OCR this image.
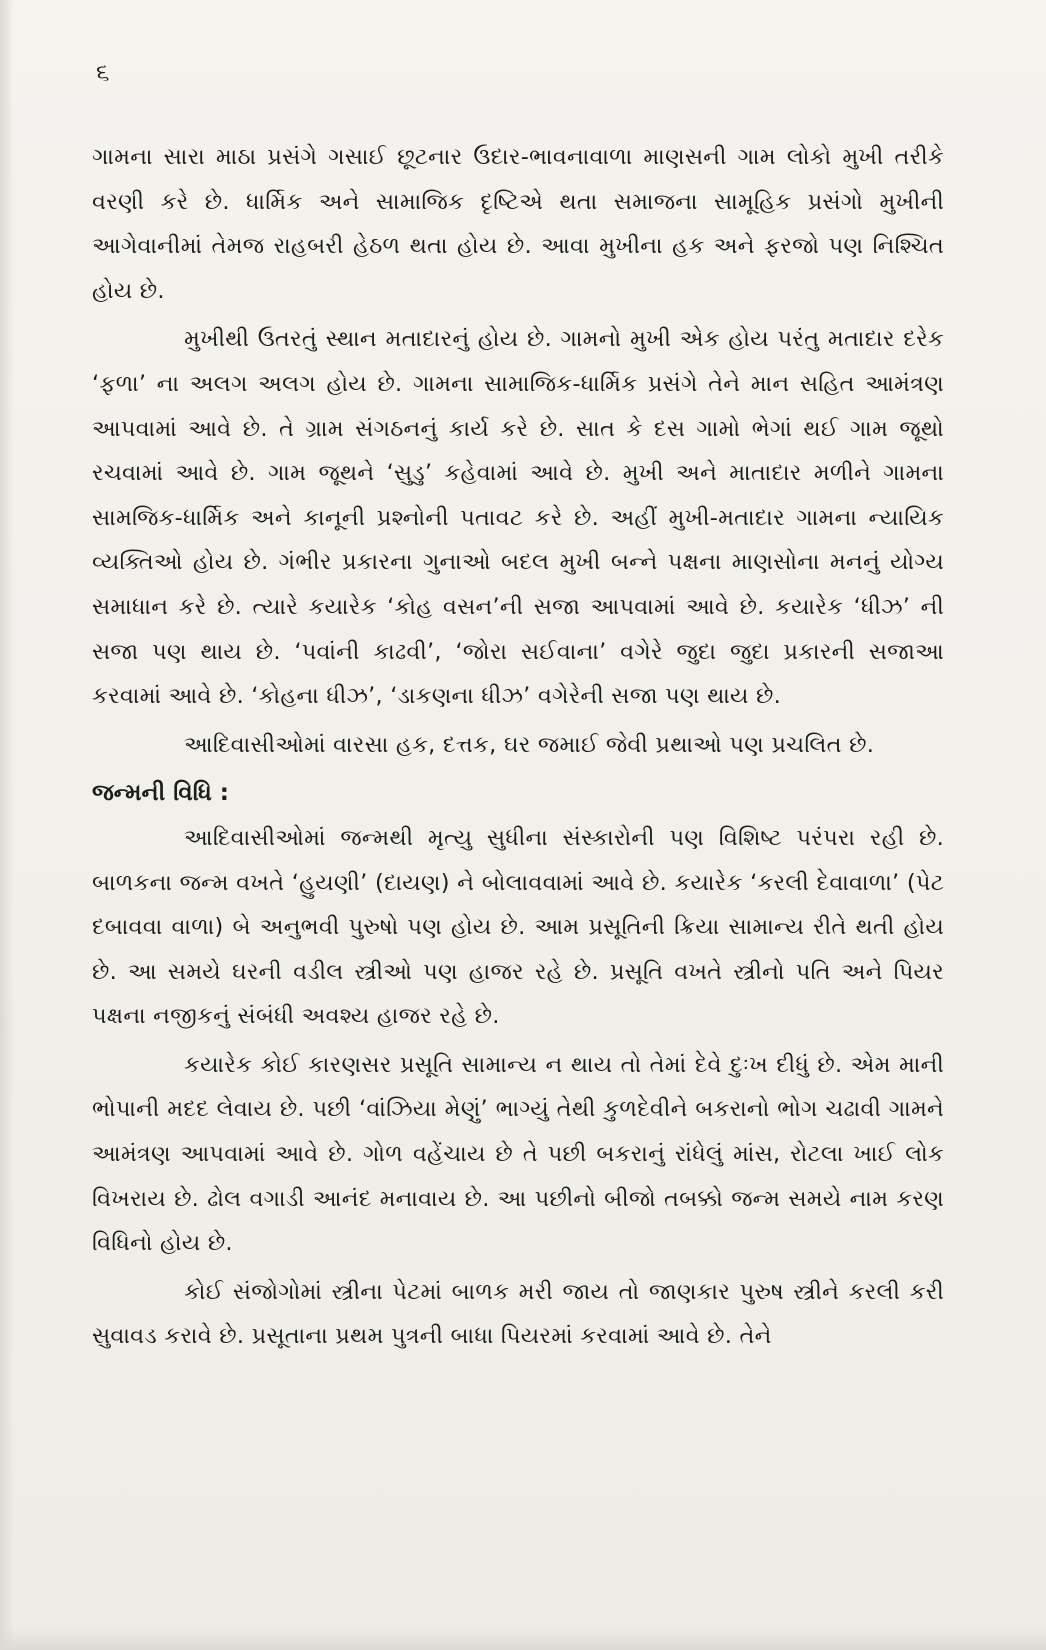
૬

ગામના સારા માઠા પ્રસંગે ગસાઈ છૂટનાર ઉદાર-ભાવનાવાળા માણસની ગામ લોકો મુખી તરીકે વરણી કરે છે. ધાર્મિક અને સામાજિક દૃષ્ટિએ થતા સમાજના સામૂહિક પ્રસંગો મુખીની આગેવાનીમાં તેમજ રાહબરી હેઠળ થતા હોય છે. આવા મુખીના હક અને ફરજો પણ નિશ્ચિત હોય છે.

મુખીથી ઉતરતું સ્થાન મતાદારનું હોય છે. ગામનો મુખી એક હોય પરંતુ મતાદાર દરેક ‘ફળા’ ના અલગ અલગ હોય છે. ગામના સામાજિક-ધાર્મિક પ્રસંગે તેને માન સહિત આમંત્રણ આપવામાં આવે છે. તે ગ્રામ સંગઠનનું કાર્ય કરે છે. સાત કે દસ ગામો ભેગાં થઈ ગામ જૂથો રચવામાં આવે છે. ગામ જૂથને ‘સુડુ’ કહેવામાં આવે છે. મુખી અને માતાદાર મળીને ગામના સામજિક-ધાર્મિક અને કાનૂની પ્રશ્નોની પતાવટ કરે છે. અહીં મુખી-મતાદાર ગામના ન્યાયિક વ્યક્તિઓ હોય છે. ગંભીર પ્રકારના ગુનાઓ બદલ મુખી બન્ને પક્ષના માણસોના મનનું યોગ્ય સમાધાન કરે છે. ત્યારે કયારેક ‘કોહ વસન’ની સજા આપવામાં આવે છે. કયારેક ‘ધીઝ’ ની સજા પણ થાય છે. ‘પવાંની કાઢવી’, ‘જોરા સઈવાના’ વગેરે જુદા જુદા પ્રકારની સજાઆ કરવામાં આવે છે. ‘કોહના ધીઝ’, ‘ડાકણના ધીઝ’ વગેરેની સજા પણ થાય છે.

આદિવાસીઓમાં વારસા હક, દત્તક, ઘર જમાઈ જેવી પ્રથાઓ પણ પ્રચલિત છે.

જન્મની વિધિ :

આદિવાસીઓમાં જન્મથી મૃત્યુ સુધીના સંસ્કારોની પણ વિશિષ્ટ પરંપરા રહી છે. બાળકના જન્મ વખતે ‘હુયણી’ (દાયણ) ને બોલાવવામાં આવે છે. કયારેક ‘કરલી દેવાવાળા’ (પેટ દબાવવા વાળા) બે અનુભવી પુરુષો પણ હોય છે. આમ પ્રસૂતિની ક્રિયા સામાન્ય રીતે થતી હોય છે. આ સમયે ઘરની વડીલ સ્ત્રીઓ પણ હાજર રહે છે. પ્રસૂતિ વખતે સ્ત્રીનો પતિ અને પિયર પક્ષના નજીકનું સંબંધી અવશ્ય હાજર રહે છે.

કયારેક કોઈ કારણસર પ્રસૂતિ સામાન્ય ન થાય તો તેમાં દેવે દુઃખ દીધું છે. એમ માની ભોપાની મદદ લેવાય છે. પછી ‘વાંઝિયા મેણું’ ભાગ્યું તેથી કુળદેવીને બકરાનો ભોગ ચઢાવી ગામને આમંત્રણ આપવામાં આવે છે. ગોળ વહેંચાય છે તે પછી બકરાનું રાંધેલું માંસ, રોટલા ખાઈ લોક વિખરાય છે. ઢોલ વગાડી આનંદ મનાવાય છે. આ પછીનો બીજો તબક્કો જન્મ સમયે નામ કરણ વિધિનો હોય છે.

કોઈ સંજોગોમાં સ્ત્રીના પેટમાં બાળક મરી જાય તો જાણકાર પુરુષ સ્ત્રીને કરલી કરી સુવાવડ કરાવે છે. પ્રસૂતાના પ્રથમ પુત્રની બાધા પિયરમાં કરવામાં આવે છે. તેને
